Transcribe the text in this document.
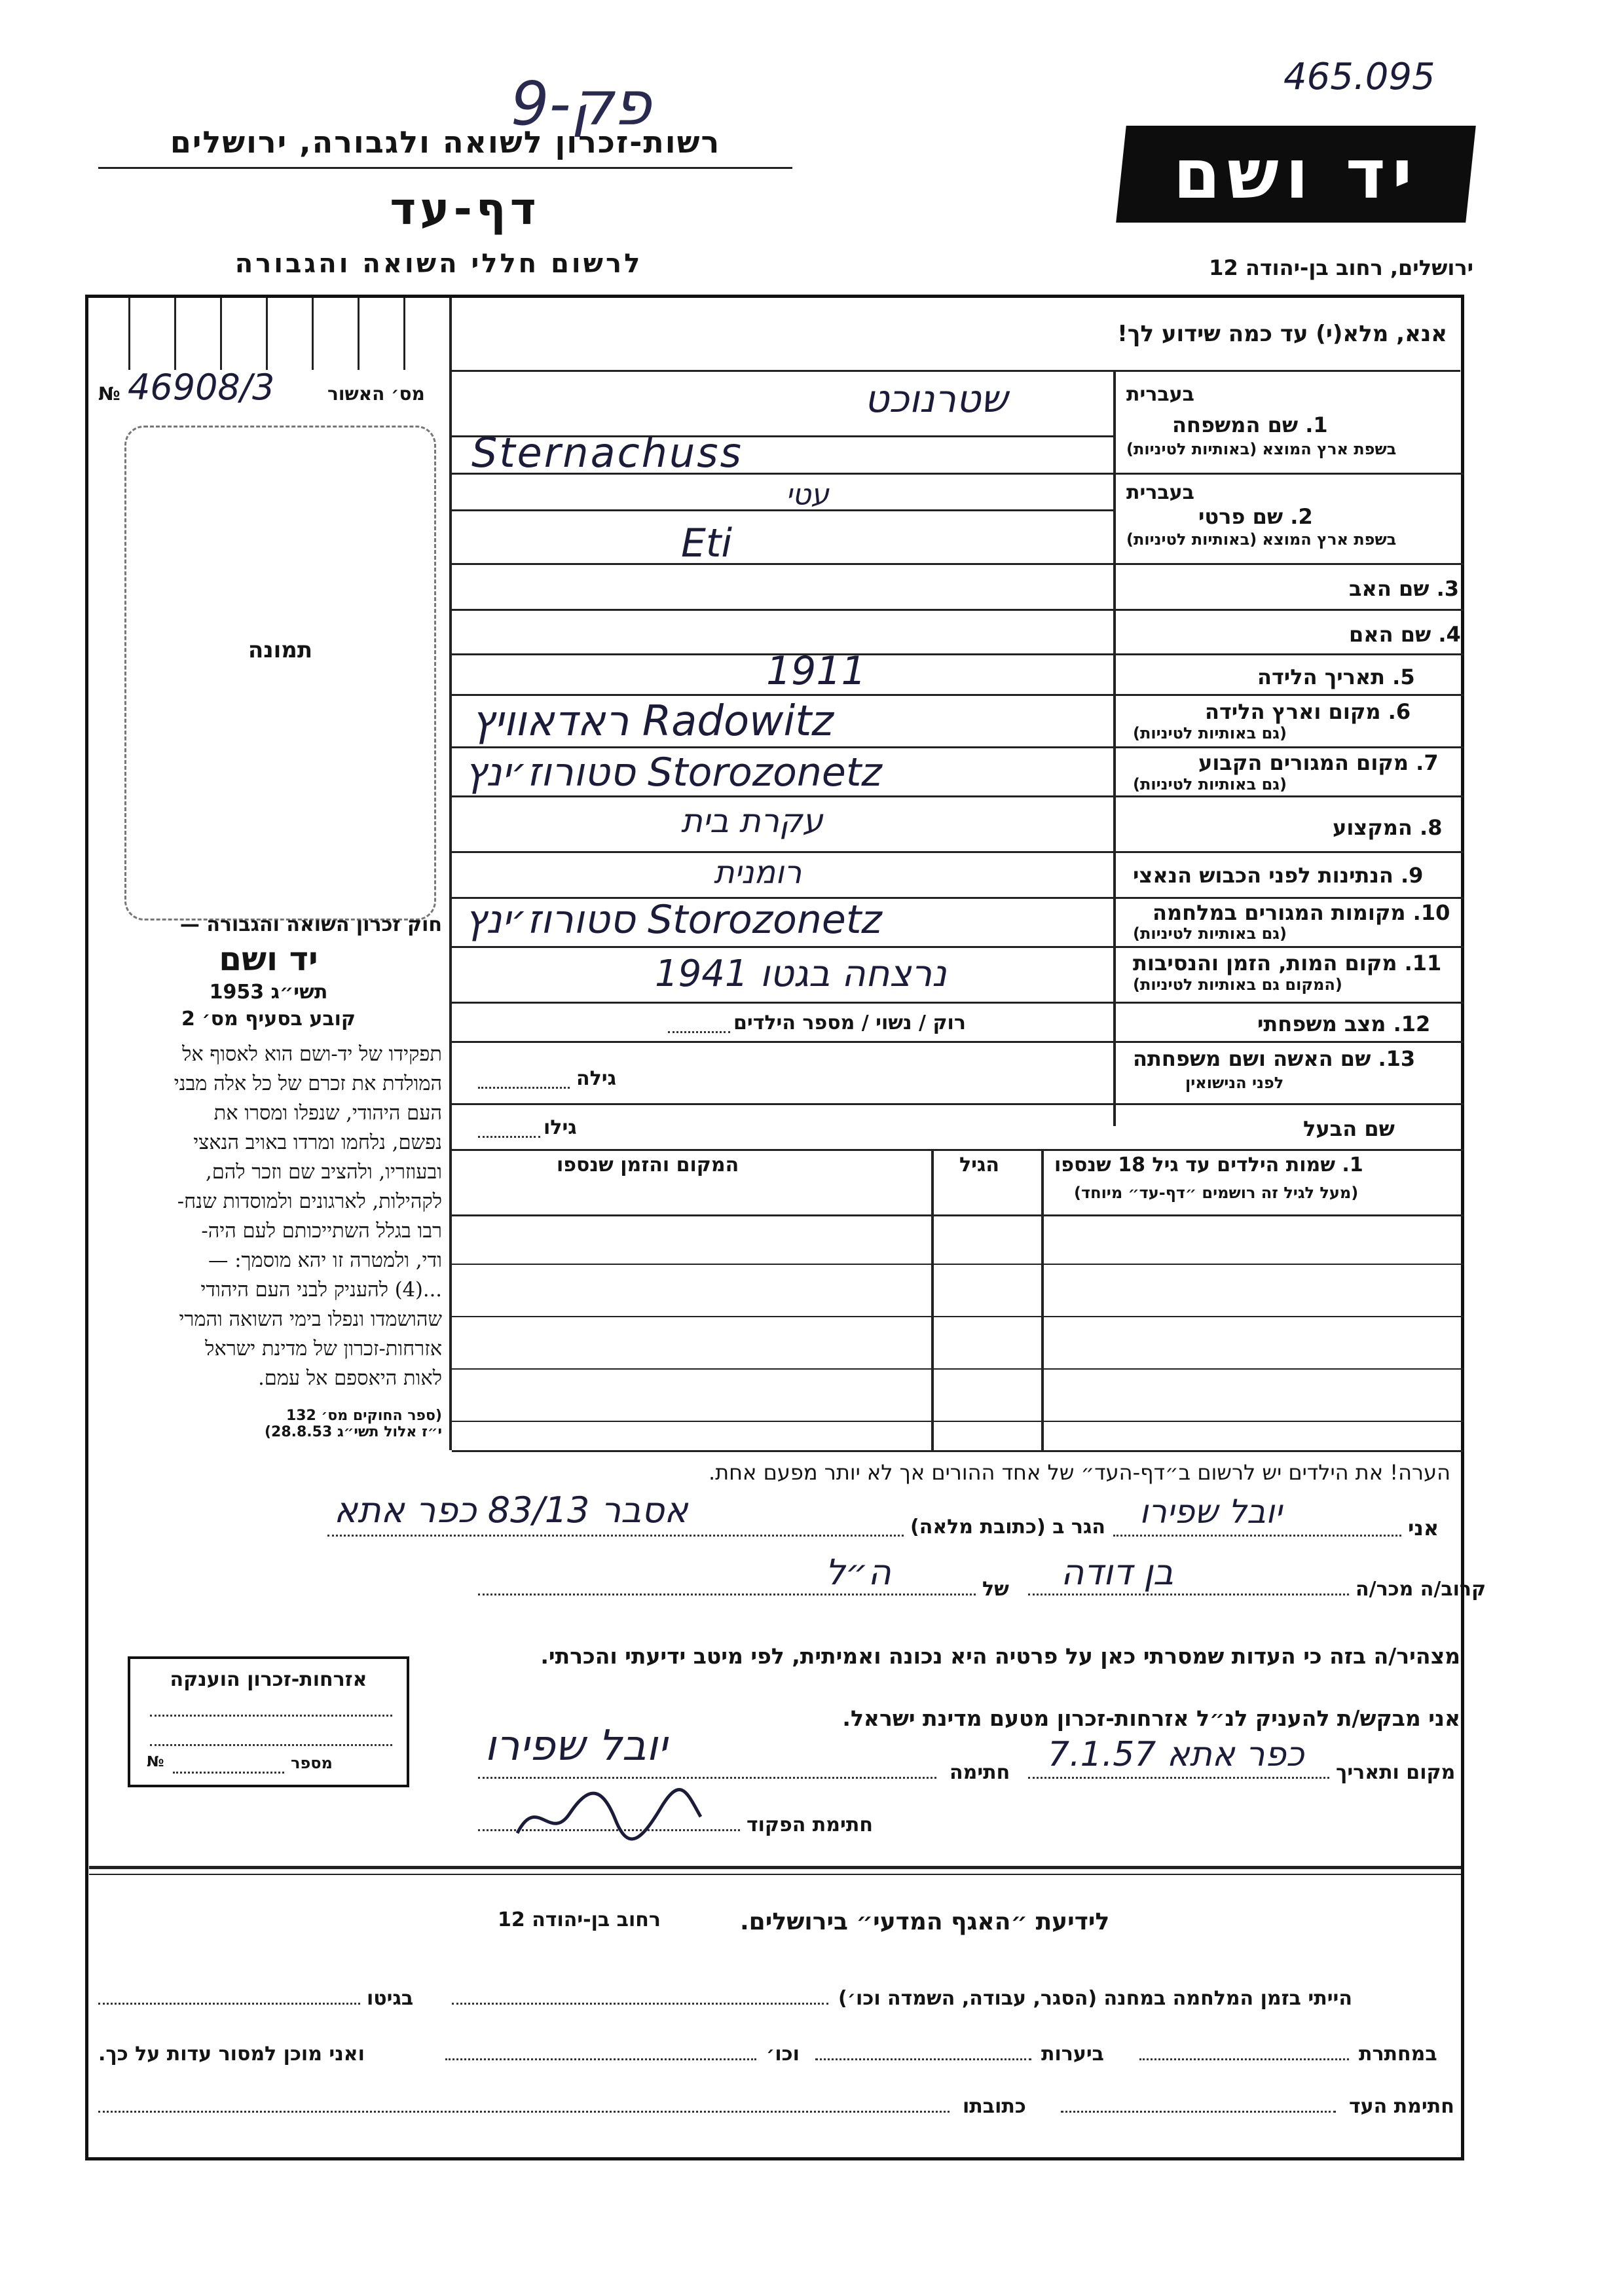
פק-9	465.095
רשות-זכרון לשואה ולגבורה, ירושלים
דף-עד
לרשום חללי השואה והגבורה
יד ושם
ירושלים, רחוב בן-יהודה 12
אנא, מלא(י) עד כמה שידוע לך!
№ 46908/3	מס׳ האשור
תמונה
חוק זכרון השואה והגבורה —
יד ושם
תשי״ג 1953
קובע בסעיף מס׳ 2
תפקידו של יד-ושם הוא לאסוף אל
המולדת את זכרם של כל אלה מבני
העם היהודי, שנפלו ומסרו את
נפשם, נלחמו ומרדו באויב הנאצי
ובעוזריו, ולהציב שם וזכר להם,
לקהילות, לארגונים ולמוסדות שנח-
רבו בגלל השתייכותם לעם היה-
ודי, ולמטרה זו יהא מוסמך: —
...(4) להעניק לבני העם היהודי
שהושמדו ונפלו בימי השואה והמרי
אזרחות-זכרון של מדינת ישראל
לאות היאספם אל עמם.
(ספר החוקים מס׳ 132
י״ז אלול תשי״ג 28.8.53)
בעברית
1. שם המשפחה
בשפת ארץ המוצא (באותיות לטיניות)
שטרנוכט
Sternachuss
בעברית
2. שם פרטי
בשפת ארץ המוצא (באותיות לטיניות)
עטי
Eti
3. שם האב
4. שם האם
5. תאריך הלידה
1911
6. מקום וארץ הלידה
(גם באותיות לטיניות)
ראדאוויץ Radowitz
7. מקום המגורים הקבוע
(גם באותיות לטיניות)
סטורוז׳ינץ Storozonetz
8. המקצוע
עקרת בית
9. הנתינות לפני הכבוש הנאצי
רומנית
10. מקומות המגורים במלחמה
(גם באותיות לטיניות)
סטורוז׳ינץ Storozonetz
11. מקום המות, הזמן והנסיבות
(המקום גם באותיות לטיניות)
נרצחה בגטו 1941
12. מצב משפחתי
רוק / נשוי / מספר הילדים
13. שם האשה ושם משפחתה
לפני הנישואין
גילה
שם הבעל
גילו
1. שמות הילדים עד גיל 18 שנספו
(מעל לגיל זה רושמים ״דף-עד״ מיוחד)
הגיל
המקום והזמן שנספו
הערה! את הילדים יש לרשום ב״דף-העד״ של אחד ההורים אך לא יותר מפעם אחת.
אני
יובל שפירו
הגר ב (כתובת מלאה)
אסבר 83/13 כפר אתא
קרוב/ה מכר/ה
בן דודה
של
ה״ל
מצהיר/ה בזה כי העדות שמסרתי כאן על פרטיה היא נכונה ואמיתית, לפי מיטב ידיעתי והכרתי.
אני מבקש/ת להעניק לנ״ל אזרחות-זכרון מטעם מדינת ישראל.
מקום ותאריך
כפר אתא 7.1.57
חתימה
יובל שפירו
חתימת הפקוד
אזרחות-זכרון הוענקה
מספר
№
לידיעת ״האגף המדעי״ בירושלים.
רחוב בן-יהודה 12
הייתי בזמן המלחמה במחנה (הסגר, עבודה, השמדה וכו׳)
בגיטו
במחתרת
ביערות
וכו׳
ואני מוכן למסור עדות על כך.
חתימת העד
כתובתו
